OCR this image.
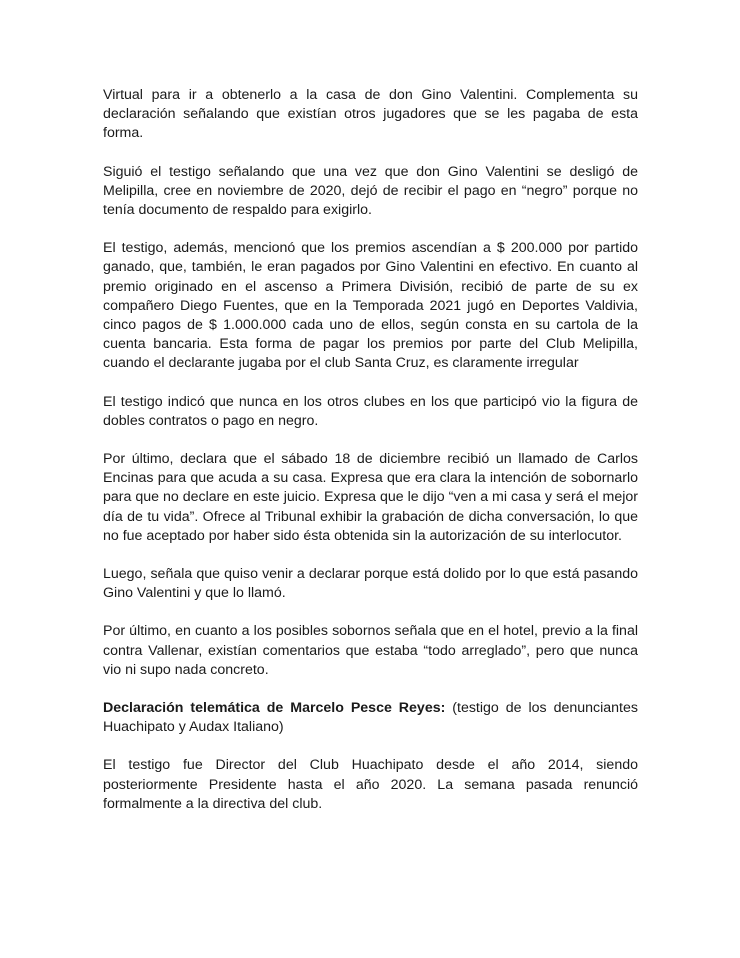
Virtual para ir a obtenerlo a la casa de don Gino Valentini. Complementa su declaración señalando que existían otros jugadores que se les pagaba de esta forma.

Siguió el testigo señalando que una vez que don Gino Valentini se desligó de Melipilla, cree en noviembre de 2020, dejó de recibir el pago en “negro” porque no tenía documento de respaldo para exigirlo.

El testigo, además, mencionó que los premios ascendían a $ 200.000 por partido ganado, que, también, le eran pagados por Gino Valentini en efectivo. En cuanto al premio originado en el ascenso a Primera División, recibió de parte de su ex compañero Diego Fuentes, que en la Temporada 2021 jugó en Deportes Valdivia, cinco pagos de $ 1.000.000 cada uno de ellos, según consta en su cartola de la cuenta bancaria. Esta forma de pagar los premios por parte del Club Melipilla, cuando el declarante jugaba por el club Santa Cruz, es claramente irregular

El testigo indicó que nunca en los otros clubes en los que participó vio la figura de dobles contratos o pago en negro.

Por último, declara que el sábado 18 de diciembre recibió un llamado de Carlos Encinas para que acuda a su casa. Expresa que era clara la intención de sobornarlo para que no declare en este juicio. Expresa que le dijo “ven a mi casa y será el mejor día de tu vida”. Ofrece al Tribunal exhibir la grabación de dicha conversación, lo que no fue aceptado por haber sido ésta obtenida sin la autorización de su interlocutor.

Luego, señala que quiso venir a declarar porque está dolido por lo que está pasando Gino Valentini y que lo llamó.

Por último, en cuanto a los posibles sobornos señala que en el hotel, previo a la final contra Vallenar, existían comentarios que estaba “todo arreglado”, pero que nunca vio ni supo nada concreto.

Declaración telemática de Marcelo Pesce Reyes: (testigo de los denunciantes Huachipato y Audax Italiano)

El testigo fue Director del Club Huachipato desde el año 2014, siendo posteriormente Presidente hasta el año 2020. La semana pasada renunció formalmente a la directiva del club.
